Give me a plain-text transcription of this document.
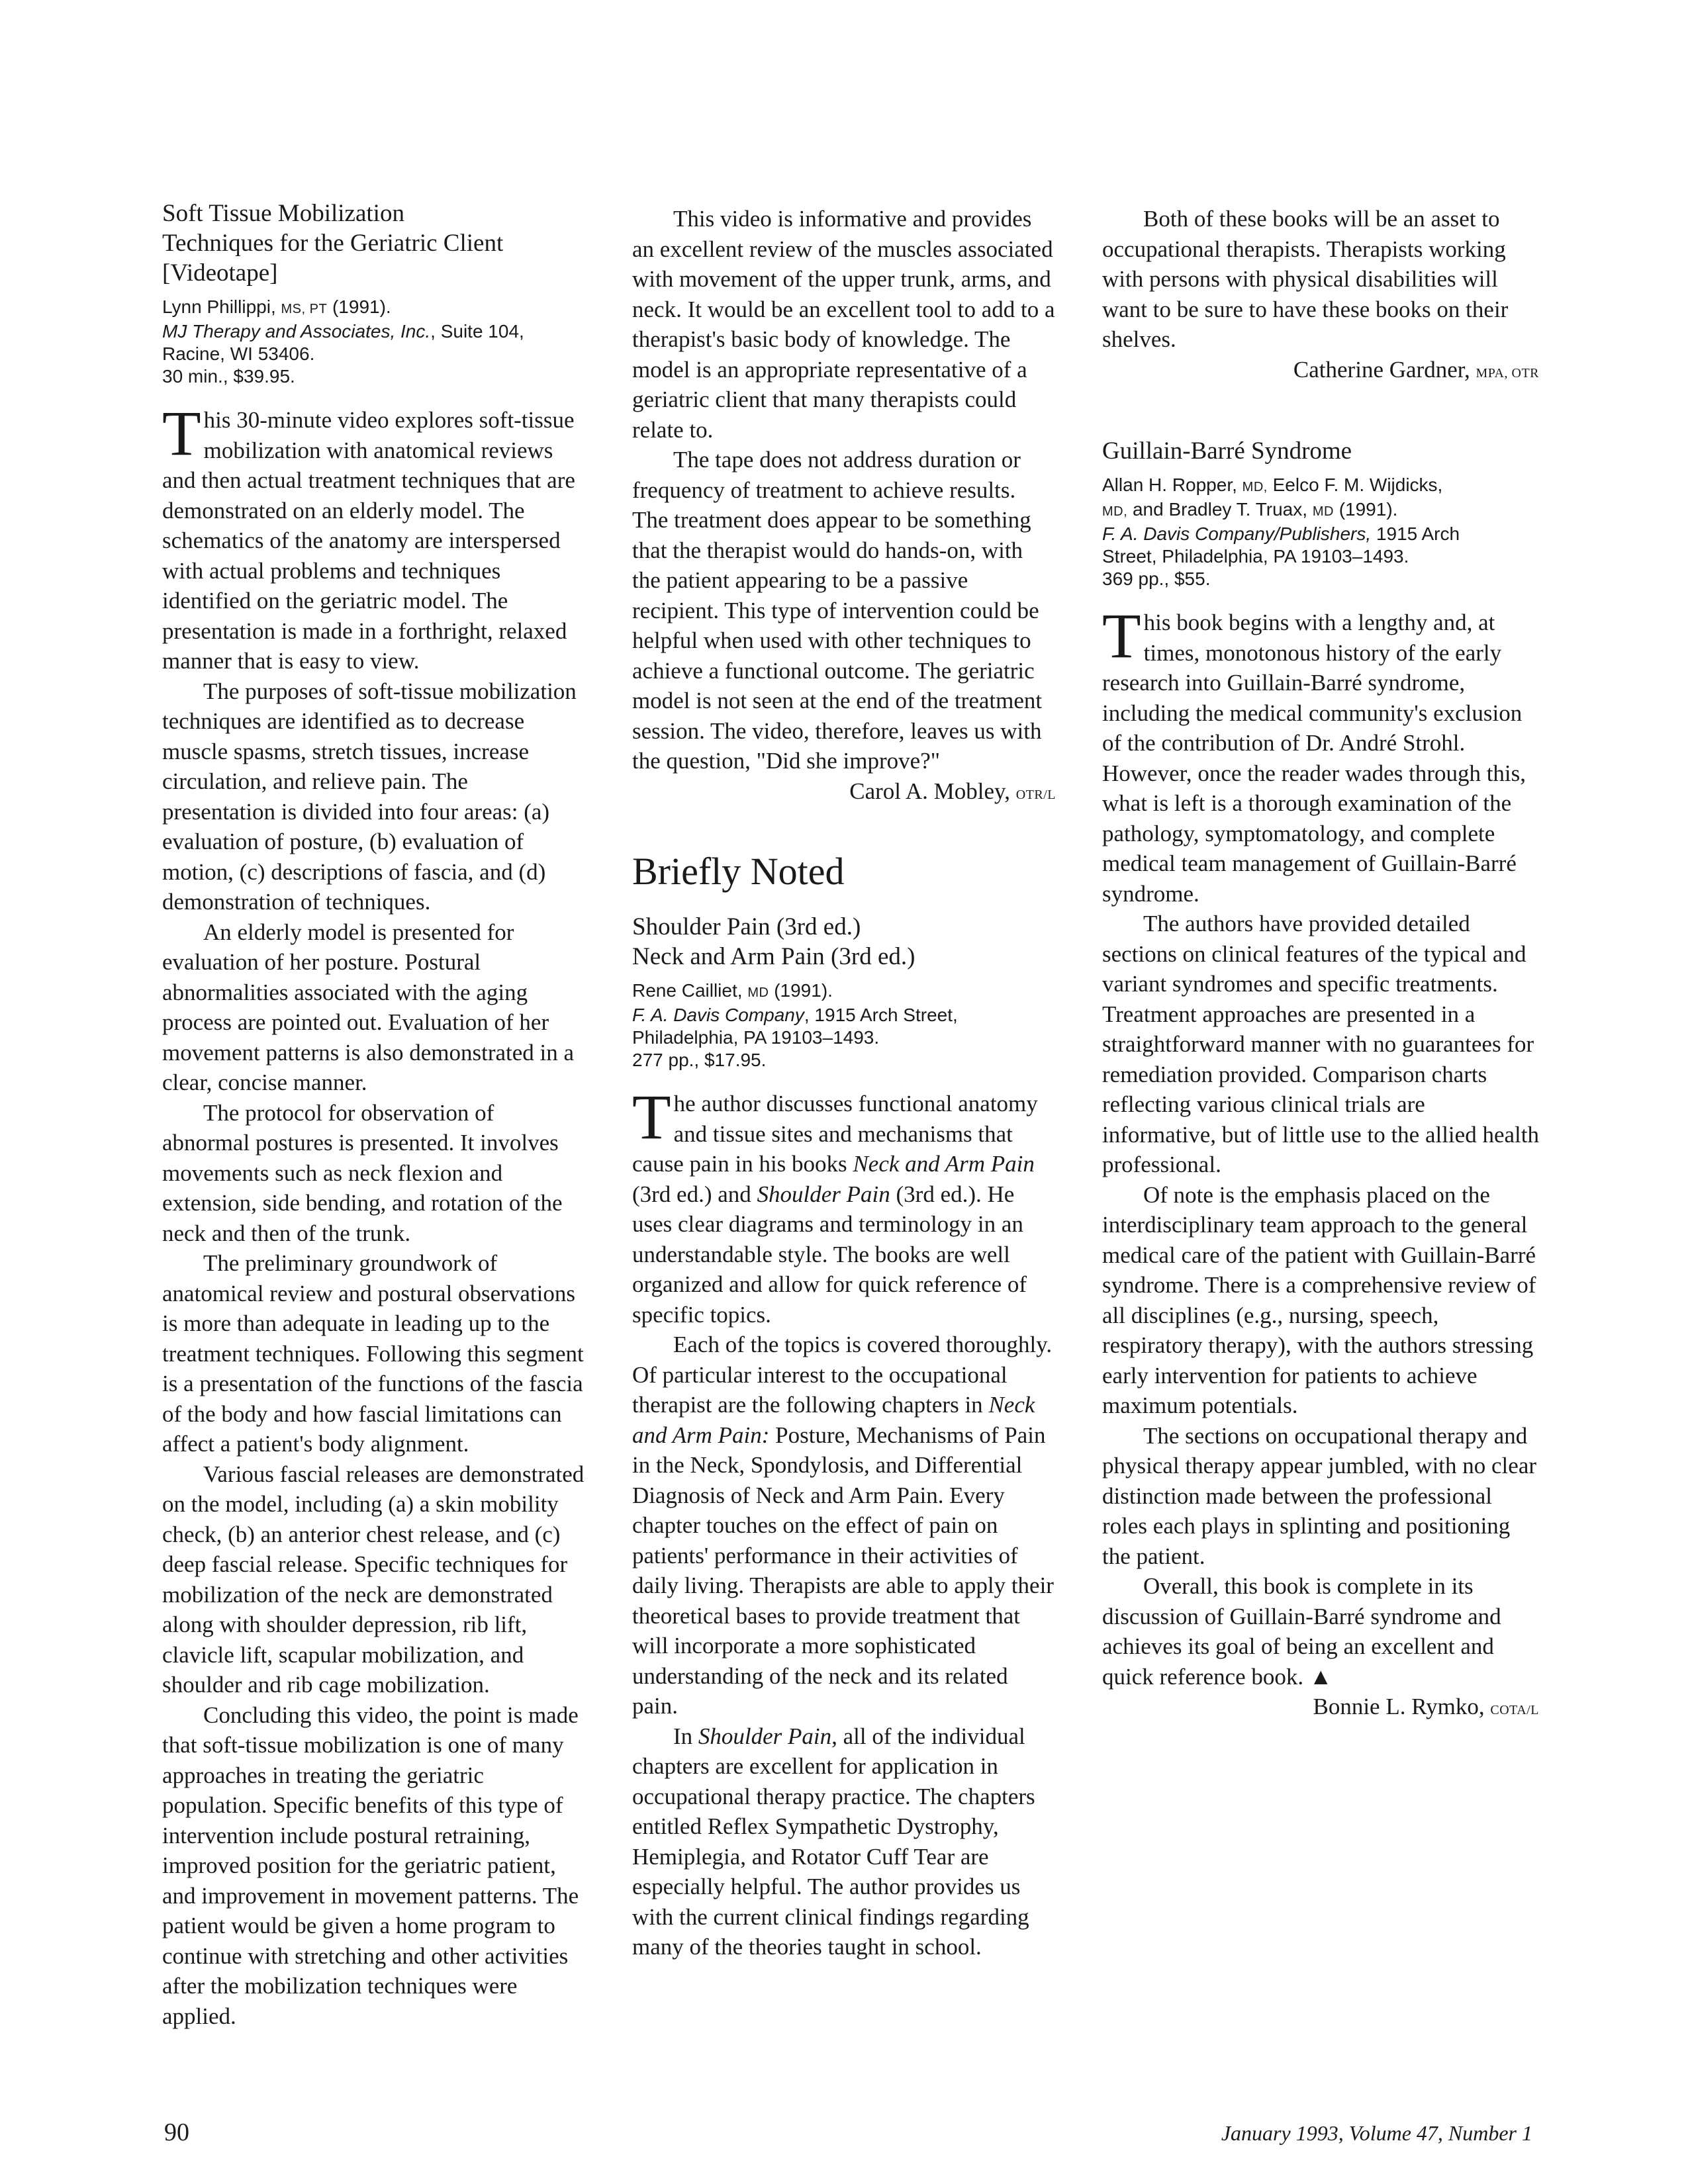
Soft Tissue Mobilization
Techniques for the Geriatric Client
[Videotape]
Lynn Phillippi, MS, PT (1991).
MJ Therapy and Associates, Inc., Suite 104,
Racine, WI 53406.
30 min., $39.95.

This 30-minute video explores soft-tissue mobilization with anatomical reviews and then actual treatment techniques that are demonstrated on an elderly model. The schematics of the anatomy are interspersed with actual problems and techniques identified on the geriatric model. The presentation is made in a forthright, relaxed manner that is easy to view.

The purposes of soft-tissue mobilization techniques are identified as to decrease muscle spasms, stretch tissues, increase circulation, and relieve pain. The presentation is divided into four areas: (a) evaluation of posture, (b) evaluation of motion, (c) descriptions of fascia, and (d) demonstration of techniques.

An elderly model is presented for evaluation of her posture. Postural abnormalities associated with the aging process are pointed out. Evaluation of her movement patterns is also demonstrated in a clear, concise manner.

The protocol for observation of abnormal postures is presented. It involves movements such as neck flexion and extension, side bending, and rotation of the neck and then of the trunk.

The preliminary groundwork of anatomical review and postural observations is more than adequate in leading up to the treatment techniques. Following this segment is a presentation of the functions of the fascia of the body and how fascial limitations can affect a patient's body alignment.

Various fascial releases are demonstrated on the model, including (a) a skin mobility check, (b) an anterior chest release, and (c) deep fascial release. Specific techniques for mobilization of the neck are demonstrated along with shoulder depression, rib lift, clavicle lift, scapular mobilization, and shoulder and rib cage mobilization.

Concluding this video, the point is made that soft-tissue mobilization is one of many approaches in treating the geriatric population. Specific benefits of this type of intervention include postural retraining, improved position for the geriatric patient, and improvement in movement patterns. The patient would be given a home program to continue with stretching and other activities after the mobilization techniques were applied.

This video is informative and provides an excellent review of the muscles associated with movement of the upper trunk, arms, and neck. It would be an excellent tool to add to a therapist's basic body of knowledge. The model is an appropriate representative of a geriatric client that many therapists could relate to.

The tape does not address duration or frequency of treatment to achieve results. The treatment does appear to be something that the therapist would do hands-on, with the patient appearing to be a passive recipient. This type of intervention could be helpful when used with other techniques to achieve a functional outcome. The geriatric model is not seen at the end of the treatment session. The video, therefore, leaves us with the question, "Did she improve?"

Carol A. Mobley, OTR/L
Briefly Noted
Shoulder Pain (3rd ed.)
Neck and Arm Pain (3rd ed.)
Rene Cailliet, MD (1991).
F. A. Davis Company, 1915 Arch Street,
Philadelphia, PA 19103–1493.
277 pp., $17.95.

The author discusses functional anatomy and tissue sites and mechanisms that cause pain in his books Neck and Arm Pain (3rd ed.) and Shoulder Pain (3rd ed.). He uses clear diagrams and terminology in an understandable style. The books are well organized and allow for quick reference of specific topics.

Each of the topics is covered thoroughly. Of particular interest to the occupational therapist are the following chapters in Neck and Arm Pain: Posture, Mechanisms of Pain in the Neck, Spondylosis, and Differential Diagnosis of Neck and Arm Pain. Every chapter touches on the effect of pain on patients' performance in their activities of daily living. Therapists are able to apply their theoretical bases to provide treatment that will incorporate a more sophisticated understanding of the neck and its related pain.

In Shoulder Pain, all of the individual chapters are excellent for application in occupational therapy practice. The chapters entitled Reflex Sympathetic Dystrophy, Hemiplegia, and Rotator Cuff Tear are especially helpful. The author provides us with the current clinical findings regarding many of the theories taught in school.

Both of these books will be an asset to occupational therapists. Therapists working with persons with physical disabilities will want to be sure to have these books on their shelves.

Catherine Gardner, MPA, OTR
Guillain-Barré Syndrome
Allan H. Ropper, MD, Eelco F. M. Wijdicks,
MD, and Bradley T. Truax, MD (1991).
F. A. Davis Company/Publishers, 1915 Arch
Street, Philadelphia, PA 19103–1493.
369 pp., $55.

This book begins with a lengthy and, at times, monotonous history of the early research into Guillain-Barré syndrome, including the medical community's exclusion of the contribution of Dr. André Strohl. However, once the reader wades through this, what is left is a thorough examination of the pathology, symptomatology, and complete medical team management of Guillain-Barré syndrome.

The authors have provided detailed sections on clinical features of the typical and variant syndromes and specific treatments. Treatment approaches are presented in a straightforward manner with no guarantees for remediation provided. Comparison charts reflecting various clinical trials are informative, but of little use to the allied health professional.

Of note is the emphasis placed on the interdisciplinary team approach to the general medical care of the patient with Guillain-Barré syndrome. There is a comprehensive review of all disciplines (e.g., nursing, speech, respiratory therapy), with the authors stressing early intervention for patients to achieve maximum potentials.

The sections on occupational therapy and physical therapy appear jumbled, with no clear distinction made between the professional roles each plays in splinting and positioning the patient.

Overall, this book is complete in its discussion of Guillain-Barré syndrome and achieves its goal of being an excellent and quick reference book. ▲

Bonnie L. Rymko, COTA/L
90	January 1993, Volume 47, Number 1
